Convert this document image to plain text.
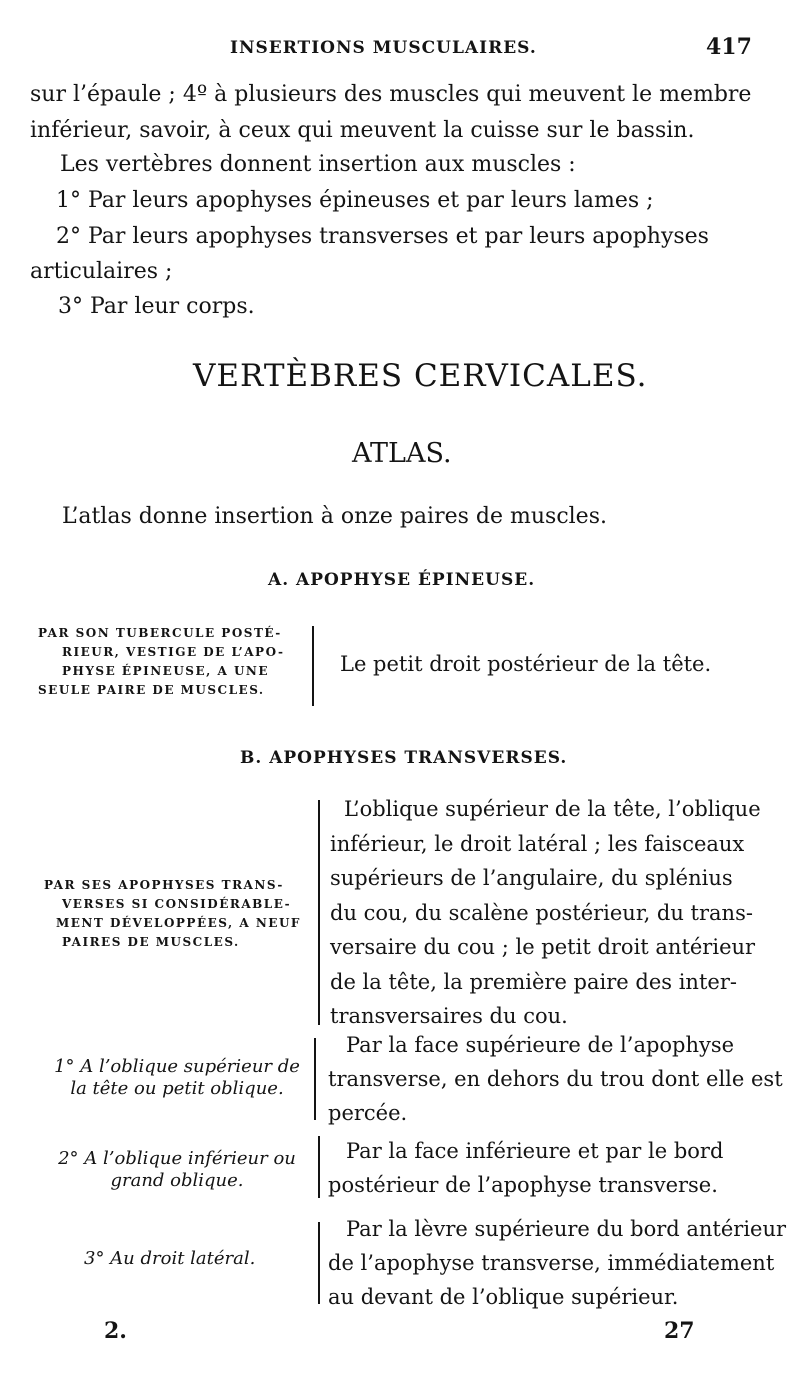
INSERTIONS MUSCULAIRES.	417
sur l’épaule ; 4º à plusieurs des muscles qui meuvent le membre
inférieur, savoir, à ceux qui meuvent la cuisse sur le bassin.
Les vertèbres donnent insertion aux muscles :
1° Par leurs apophyses épineuses et par leurs lames ;
2° Par leurs apophyses transverses et par leurs apophyses
articulaires ;
3° Par leur corps.
VERTÈBRES CERVICALES.
ATLAS.
L’atlas donne insertion à onze paires de muscles.
A. APOPHYSE ÉPINEUSE.
PAR SON TUBERCULE POSTÉ-
RIEUR, VESTIGE DE L’APO-
PHYSE ÉPINEUSE, A UNE
SEULE PAIRE DE MUSCLES.
Le petit droit postérieur de la tête.
B. APOPHYSES TRANSVERSES.
PAR SES APOPHYSES TRANS-
VERSES SI CONSIDÉRABLE-
MENT DÉVELOPPÉES, A NEUF
PAIRES DE MUSCLES.
L’oblique supérieur de la tête, l’oblique
inférieur, le droit latéral ; les faisceaux
supérieurs de l’angulaire, du splénius
du cou, du scalène postérieur, du trans-
versaire du cou ; le petit droit antérieur
de la tête, la première paire des inter-
transversaires du cou.
1° A l’oblique supérieur de
la tête ou petit oblique.
Par la face supérieure de l’apophyse
transverse, en dehors du trou dont elle est
percée.
2° A l’oblique inférieur ou
grand oblique.
Par la face inférieure et par le bord
postérieur de l’apophyse transverse.
3° Au droit latéral.
Par la lèvre supérieure du bord antérieur
de l’apophyse transverse, immédiatement
au devant de l’oblique supérieur.
2.	27
